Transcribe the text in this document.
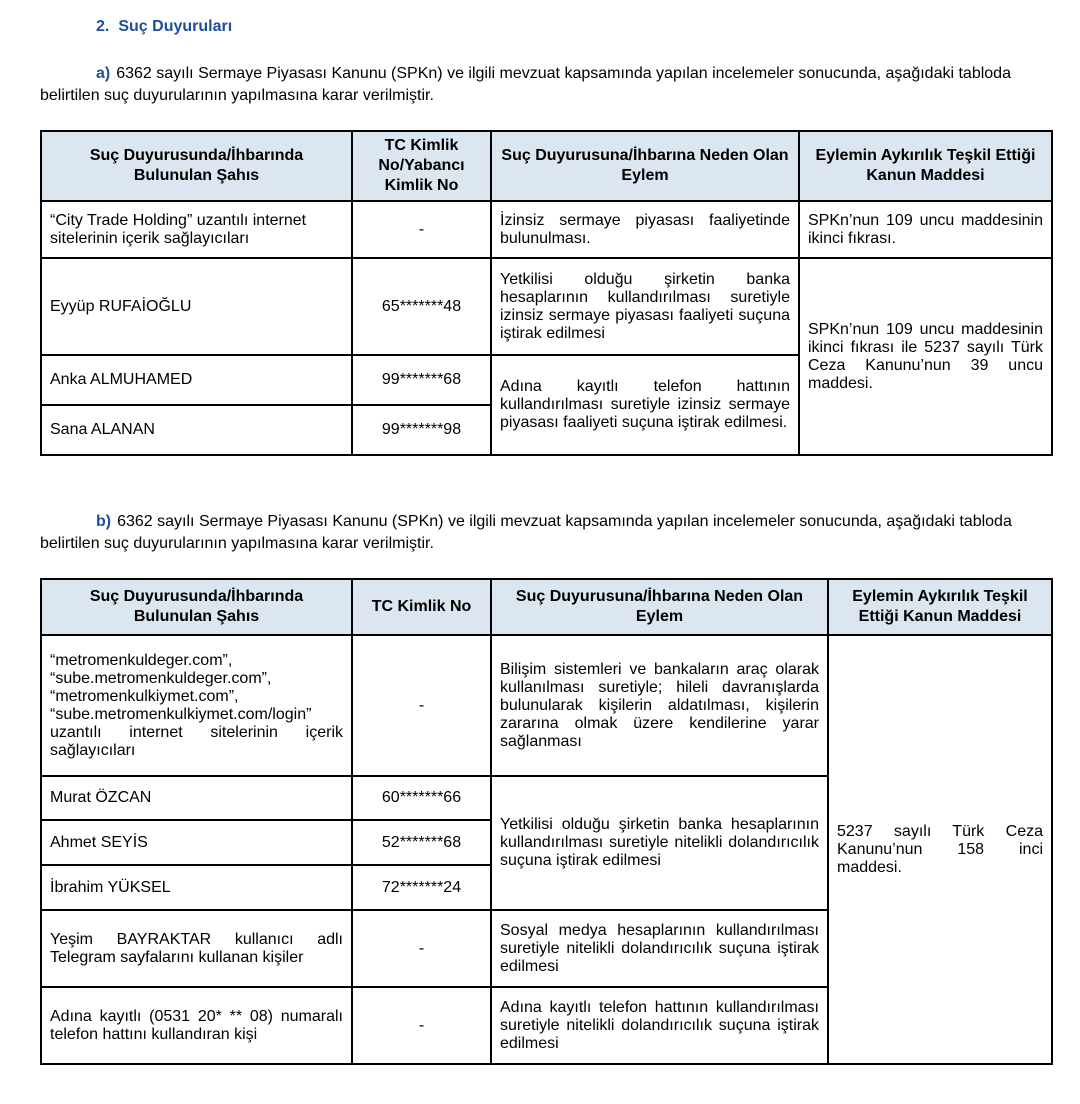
2. Suç Duyuruları
a) 6362 sayılı Sermaye Piyasası Kanunu (SPKn) ve ilgili mevzuat kapsamında yapılan incelemeler sonucunda, aşağıdaki tabloda belirtilen suç duyurularının yapılmasına karar verilmiştir.
Suç Duyurusunda/İhbarında Bulunulan Şahıs	TC Kimlik No/Yabancı Kimlik No	Suç Duyurusuna/İhbarına Neden Olan Eylem	Eylemin Aykırılık Teşkil Ettiği Kanun Maddesi
“City Trade Holding” uzantılı internet sitelerinin içerik sağlayıcıları	-	İzinsiz sermaye piyasası faaliyetinde bulunulması.	SPKn’nun 109 uncu maddesinin ikinci fıkrası.
Eyyüp RUFAİOĞLU	65*******48	Yetkilisi olduğu şirketin banka hesaplarının kullandırılması suretiyle izinsiz sermaye piyasası faaliyeti suçuna iştirak edilmesi	SPKn’nun 109 uncu maddesinin ikinci fıkrası ile 5237 sayılı Türk Ceza Kanunu’nun 39 uncu maddesi.
Anka ALMUHAMED	99*******68	Adına kayıtlı telefon hattının kullandırılması suretiyle izinsiz sermaye piyasası faaliyeti suçuna iştirak edilmesi.	
Sana ALANAN	99*******98		
b) 6362 sayılı Sermaye Piyasası Kanunu (SPKn) ve ilgili mevzuat kapsamında yapılan incelemeler sonucunda, aşağıdaki tabloda belirtilen suç duyurularının yapılmasına karar verilmiştir.
Suç Duyurusunda/İhbarında Bulunulan Şahıs	TC Kimlik No	Suç Duyurusuna/İhbarına Neden Olan Eylem	Eylemin Aykırılık Teşkil Ettiği Kanun Maddesi
“metromenkuldeger.com”, “sube.metromenkuldeger.com”, “metromenkulkiymet.com”, “sube.metromenkulkiymet.com/login” uzantılı internet sitelerinin içerik sağlayıcıları	-	Bilişim sistemleri ve bankaların araç olarak kullanılması suretiyle; hileli davranışlarda bulunularak kişilerin aldatılması, kişilerin zararına olmak üzere kendilerine yarar sağlanması	5237 sayılı Türk Ceza Kanunu’nun 158 inci maddesi.
Murat ÖZCAN	60*******66	Yetkilisi olduğu şirketin banka hesaplarının kullandırılması suretiyle nitelikli dolandırıcılık suçuna iştirak edilmesi	
Ahmet SEYİS	52*******68		
İbrahim YÜKSEL	72*******24		
Yeşim BAYRAKTAR kullanıcı adlı Telegram sayfalarını kullanan kişiler	-	Sosyal medya hesaplarının kullandırılması suretiyle nitelikli dolandırıcılık suçuna iştirak edilmesi	
Adına kayıtlı (0531 20* ** 08) numaralı telefon hattını kullandıran kişi	-	Adına kayıtlı telefon hattının kullandırılması suretiyle nitelikli dolandırıcılık suçuna iştirak edilmesi	
